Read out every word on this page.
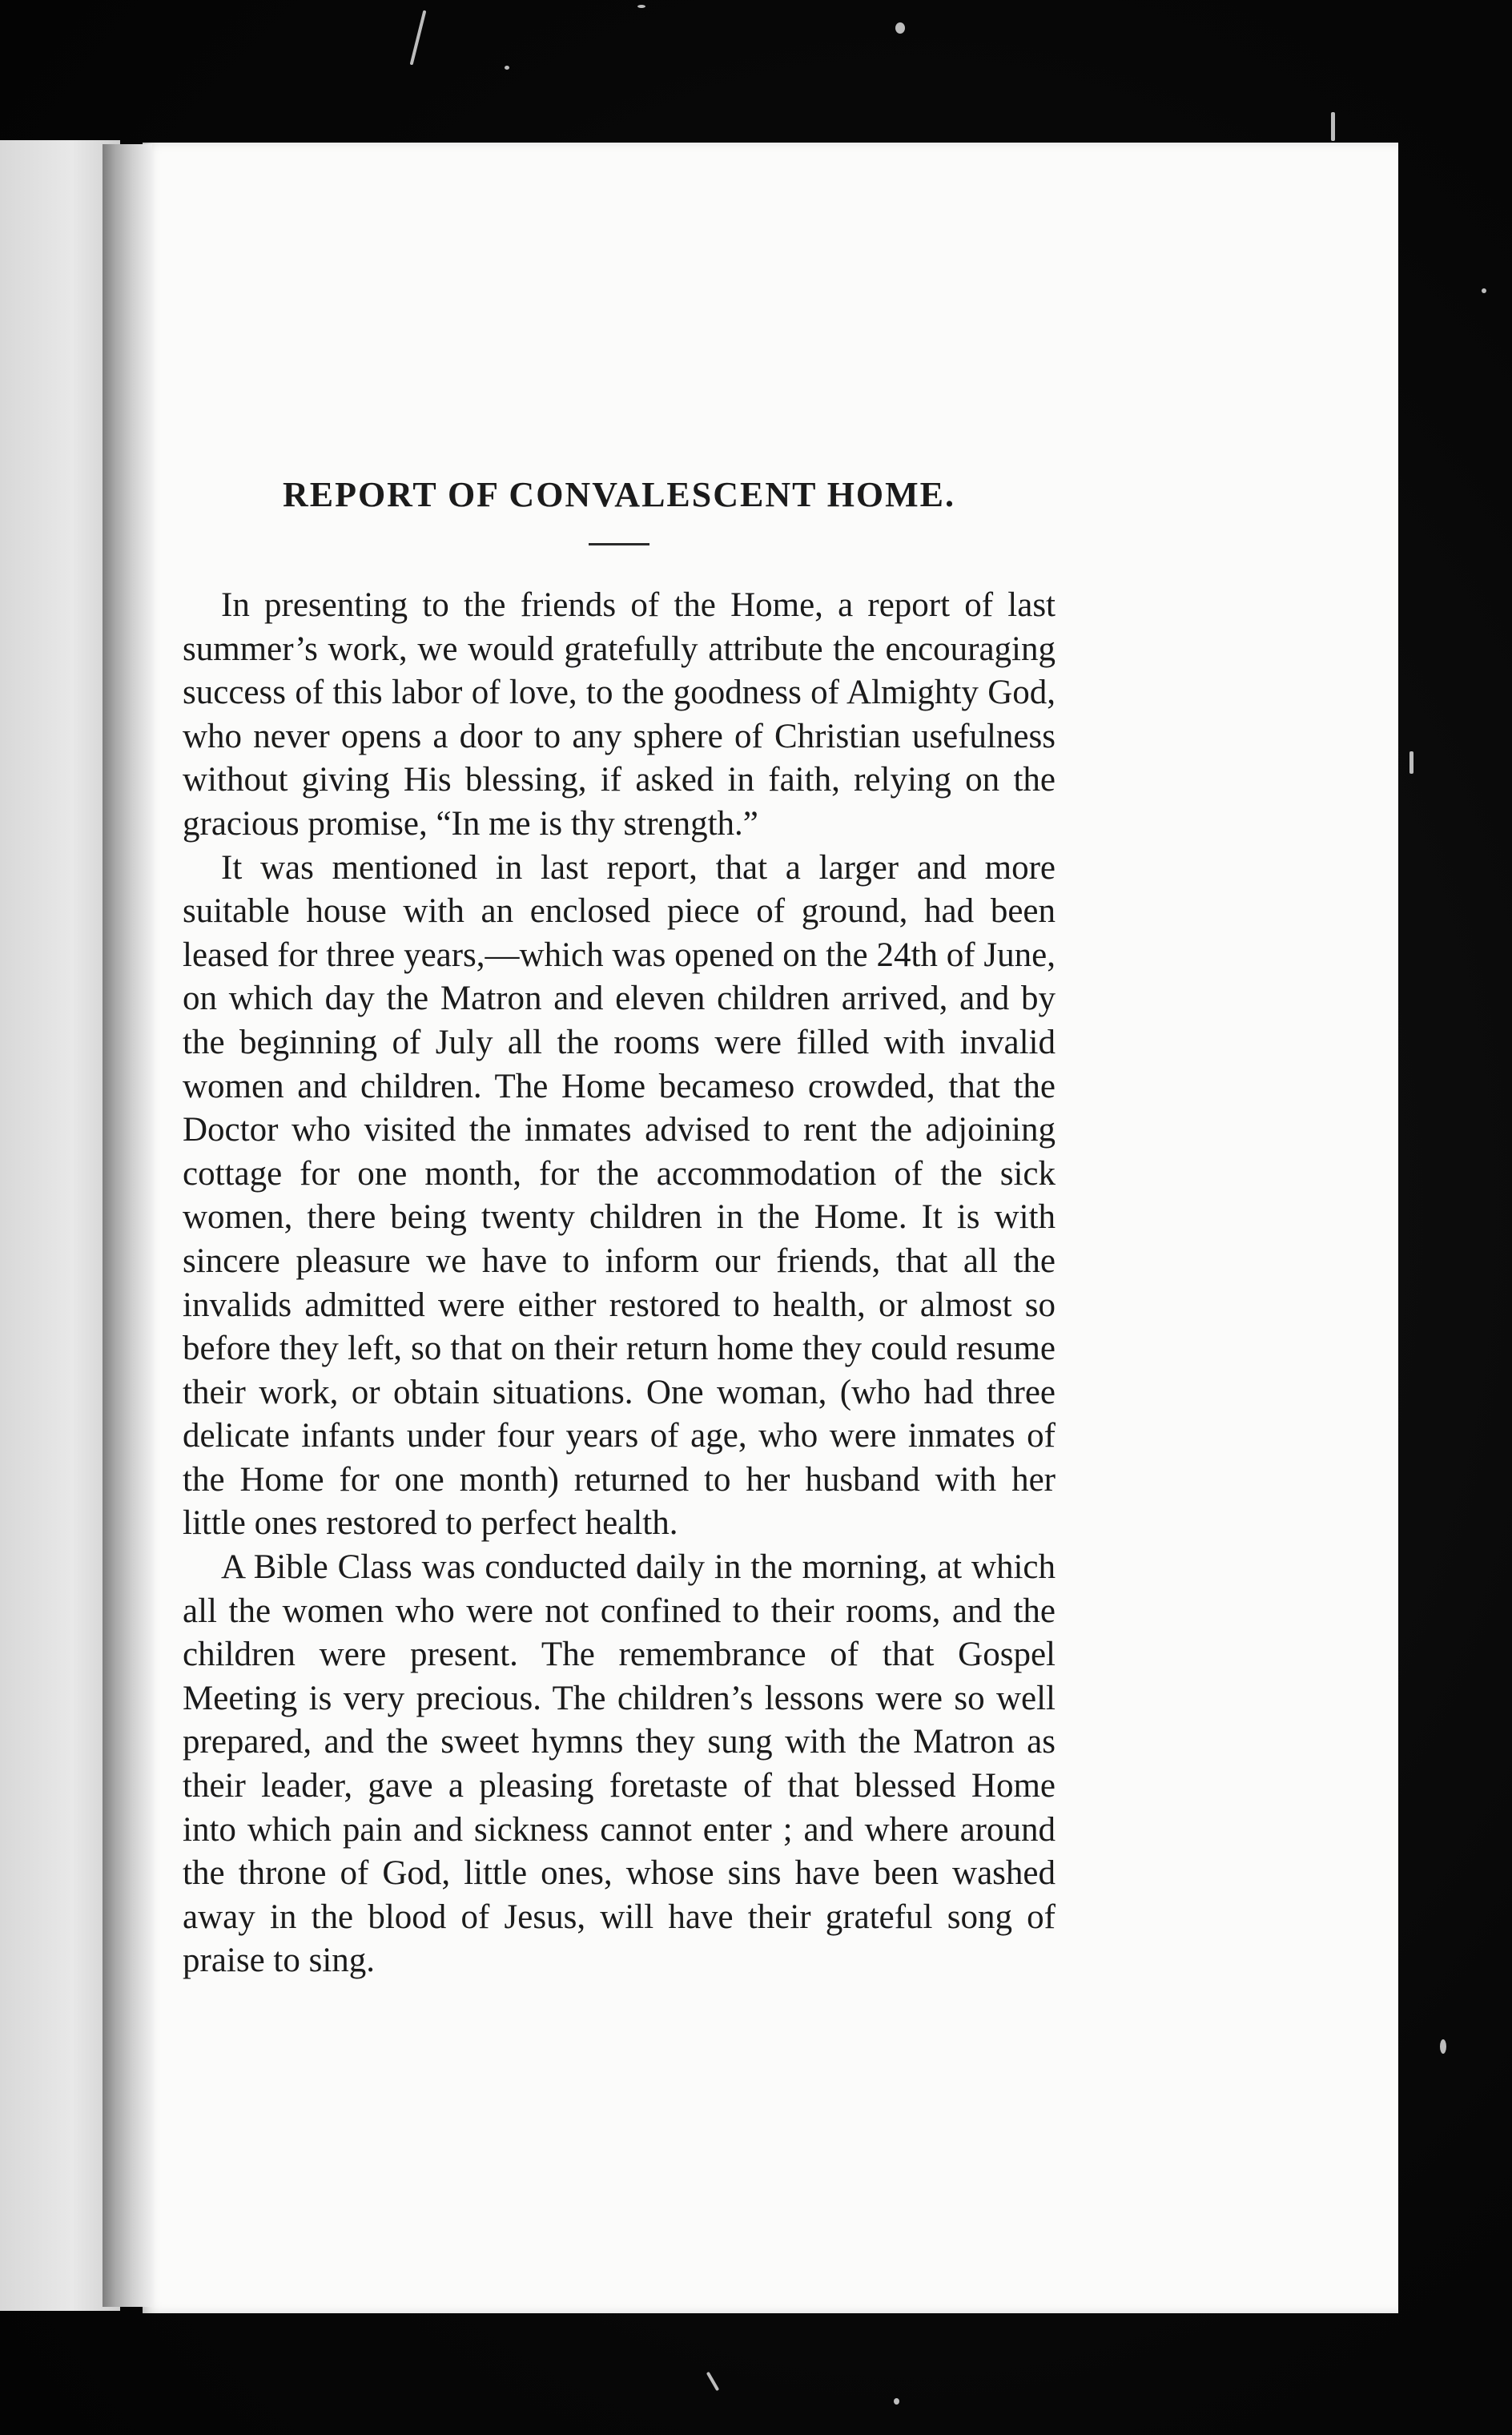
REPORT OF CONVALESCENT HOME.

In presenting to the friends of the Home, a report of last summer’s work, we would gratefully attribute the encouraging success of this labor of love, to the goodness of Almighty God, who never opens a door to any sphere of Christian usefulness without giving His blessing, if asked in faith, relying on the gracious promise, “In me is thy strength.”

It was mentioned in last report, that a larger and more suitable house with an enclosed piece of ground, had been leased for three years,—which was opened on the 24th of June, on which day the Matron and eleven children arrived, and by the beginning of July all the rooms were filled with invalid women and children. The Home becameso crowded, that the Doctor who visited the inmates advised to rent the adjoining cottage for one month, for the accommodation of the sick women, there being twenty children in the Home. It is with sincere pleasure we have to inform our friends, that all the invalids admitted were either restored to health, or almost so before they left, so that on their return home they could resume their work, or obtain situations. One woman, (who had three delicate infants under four years of age, who were inmates of the Home for one month) returned to her husband with her little ones restored to perfect health.

A Bible Class was conducted daily in the morning, at which all the women who were not confined to their rooms, and the children were present. The remembrance of that Gospel Meeting is very precious. The children’s lessons were so well prepared, and the sweet hymns they sung with the Matron as their leader, gave a pleasing foretaste of that blessed Home into which pain and sickness cannot enter ; and where around the throne of God, little ones, whose sins have been washed away in the blood of Jesus, will have their grateful song of praise to sing.
